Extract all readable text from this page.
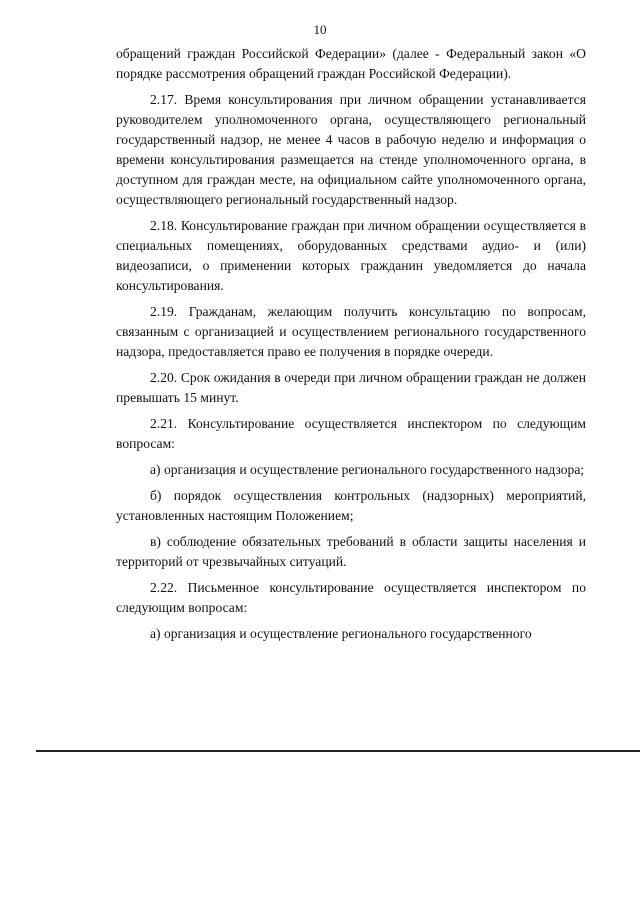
10

обращений граждан Российской Федерации» (далее - Федеральный закон «О порядке рассмотрения обращений граждан Российской Федерации).

2.17. Время консультирования при личном обращении устанавливается руководителем уполномоченного органа, осуществляющего региональный государственный надзор, не менее 4 часов в рабочую неделю и информация о времени консультирования размещается на стенде уполномоченного органа, в доступном для граждан месте, на официальном сайте уполномоченного органа, осуществляющего региональный государственный надзор.

2.18. Консультирование граждан при личном обращении осуществляется в специальных помещениях, оборудованных средствами аудио- и (или) видеозаписи, о применении которых гражданин уведомляется до начала консультирования.

2.19. Гражданам, желающим получить консультацию по вопросам, связанным с организацией и осуществлением регионального государственного надзора, предоставляется право ее получения в порядке очереди.

2.20. Срок ожидания в очереди при личном обращении граждан не должен превышать 15 минут.

2.21. Консультирование осуществляется инспектором по следующим вопросам:

а) организация и осуществление регионального государственного надзора;

б) порядок осуществления контрольных (надзорных) мероприятий, установленных настоящим Положением;

в) соблюдение обязательных требований в области защиты населения и территорий от чрезвычайных ситуаций.

2.22. Письменное консультирование осуществляется инспектором по следующим вопросам:

а) организация и осуществление регионального государственного
